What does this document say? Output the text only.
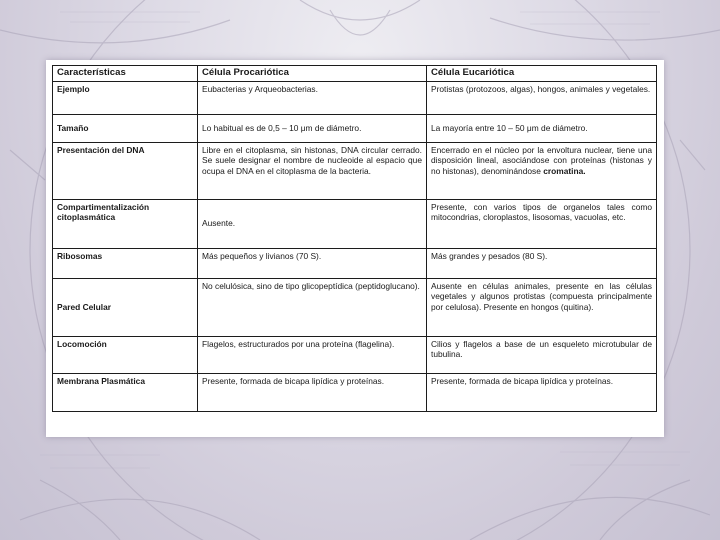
Características	Célula Procariótica	Célula Eucariótica
Ejemplo	Eubacterias y Arqueobacterias.	Protistas (protozoos, algas), hongos, animales y vegetales.
Tamaño	Lo habitual es de 0,5 – 10 μm de diámetro.	La mayoría entre 10 – 50 μm de diámetro.
Presentación del DNA	Libre en el citoplasma, sin histonas, DNA circular cerrado. Se suele designar el nombre de nucleoide al espacio que ocupa el DNA en el citoplasma de la bacteria.	Encerrado en el núcleo por la envoltura nuclear, tiene una disposición lineal, asociándose con proteínas (histonas y no histonas), denominándose cromatina.
Compartimentalización citoplasmática	Ausente.	Presente, con varios tipos de organelos tales como mitocondrias, cloroplastos, lisosomas, vacuolas, etc.
Ribosomas	Más pequeños y livianos (70 S).	Más grandes y pesados (80 S).
Pared Celular	No celulósica, sino de tipo glicopeptídica (peptidoglucano).	Ausente en células animales, presente en las células vegetales y algunos protistas (compuesta principalmente por celulosa). Presente en hongos (quitina).
Locomoción	Flagelos, estructurados por una proteína (flagelina).	Cilios y flagelos a base de un esqueleto microtubular de tubulina.
Membrana Plasmática	Presente, formada de bicapa lipídica y proteínas.	Presente, formada de bicapa lipídica y proteínas.
